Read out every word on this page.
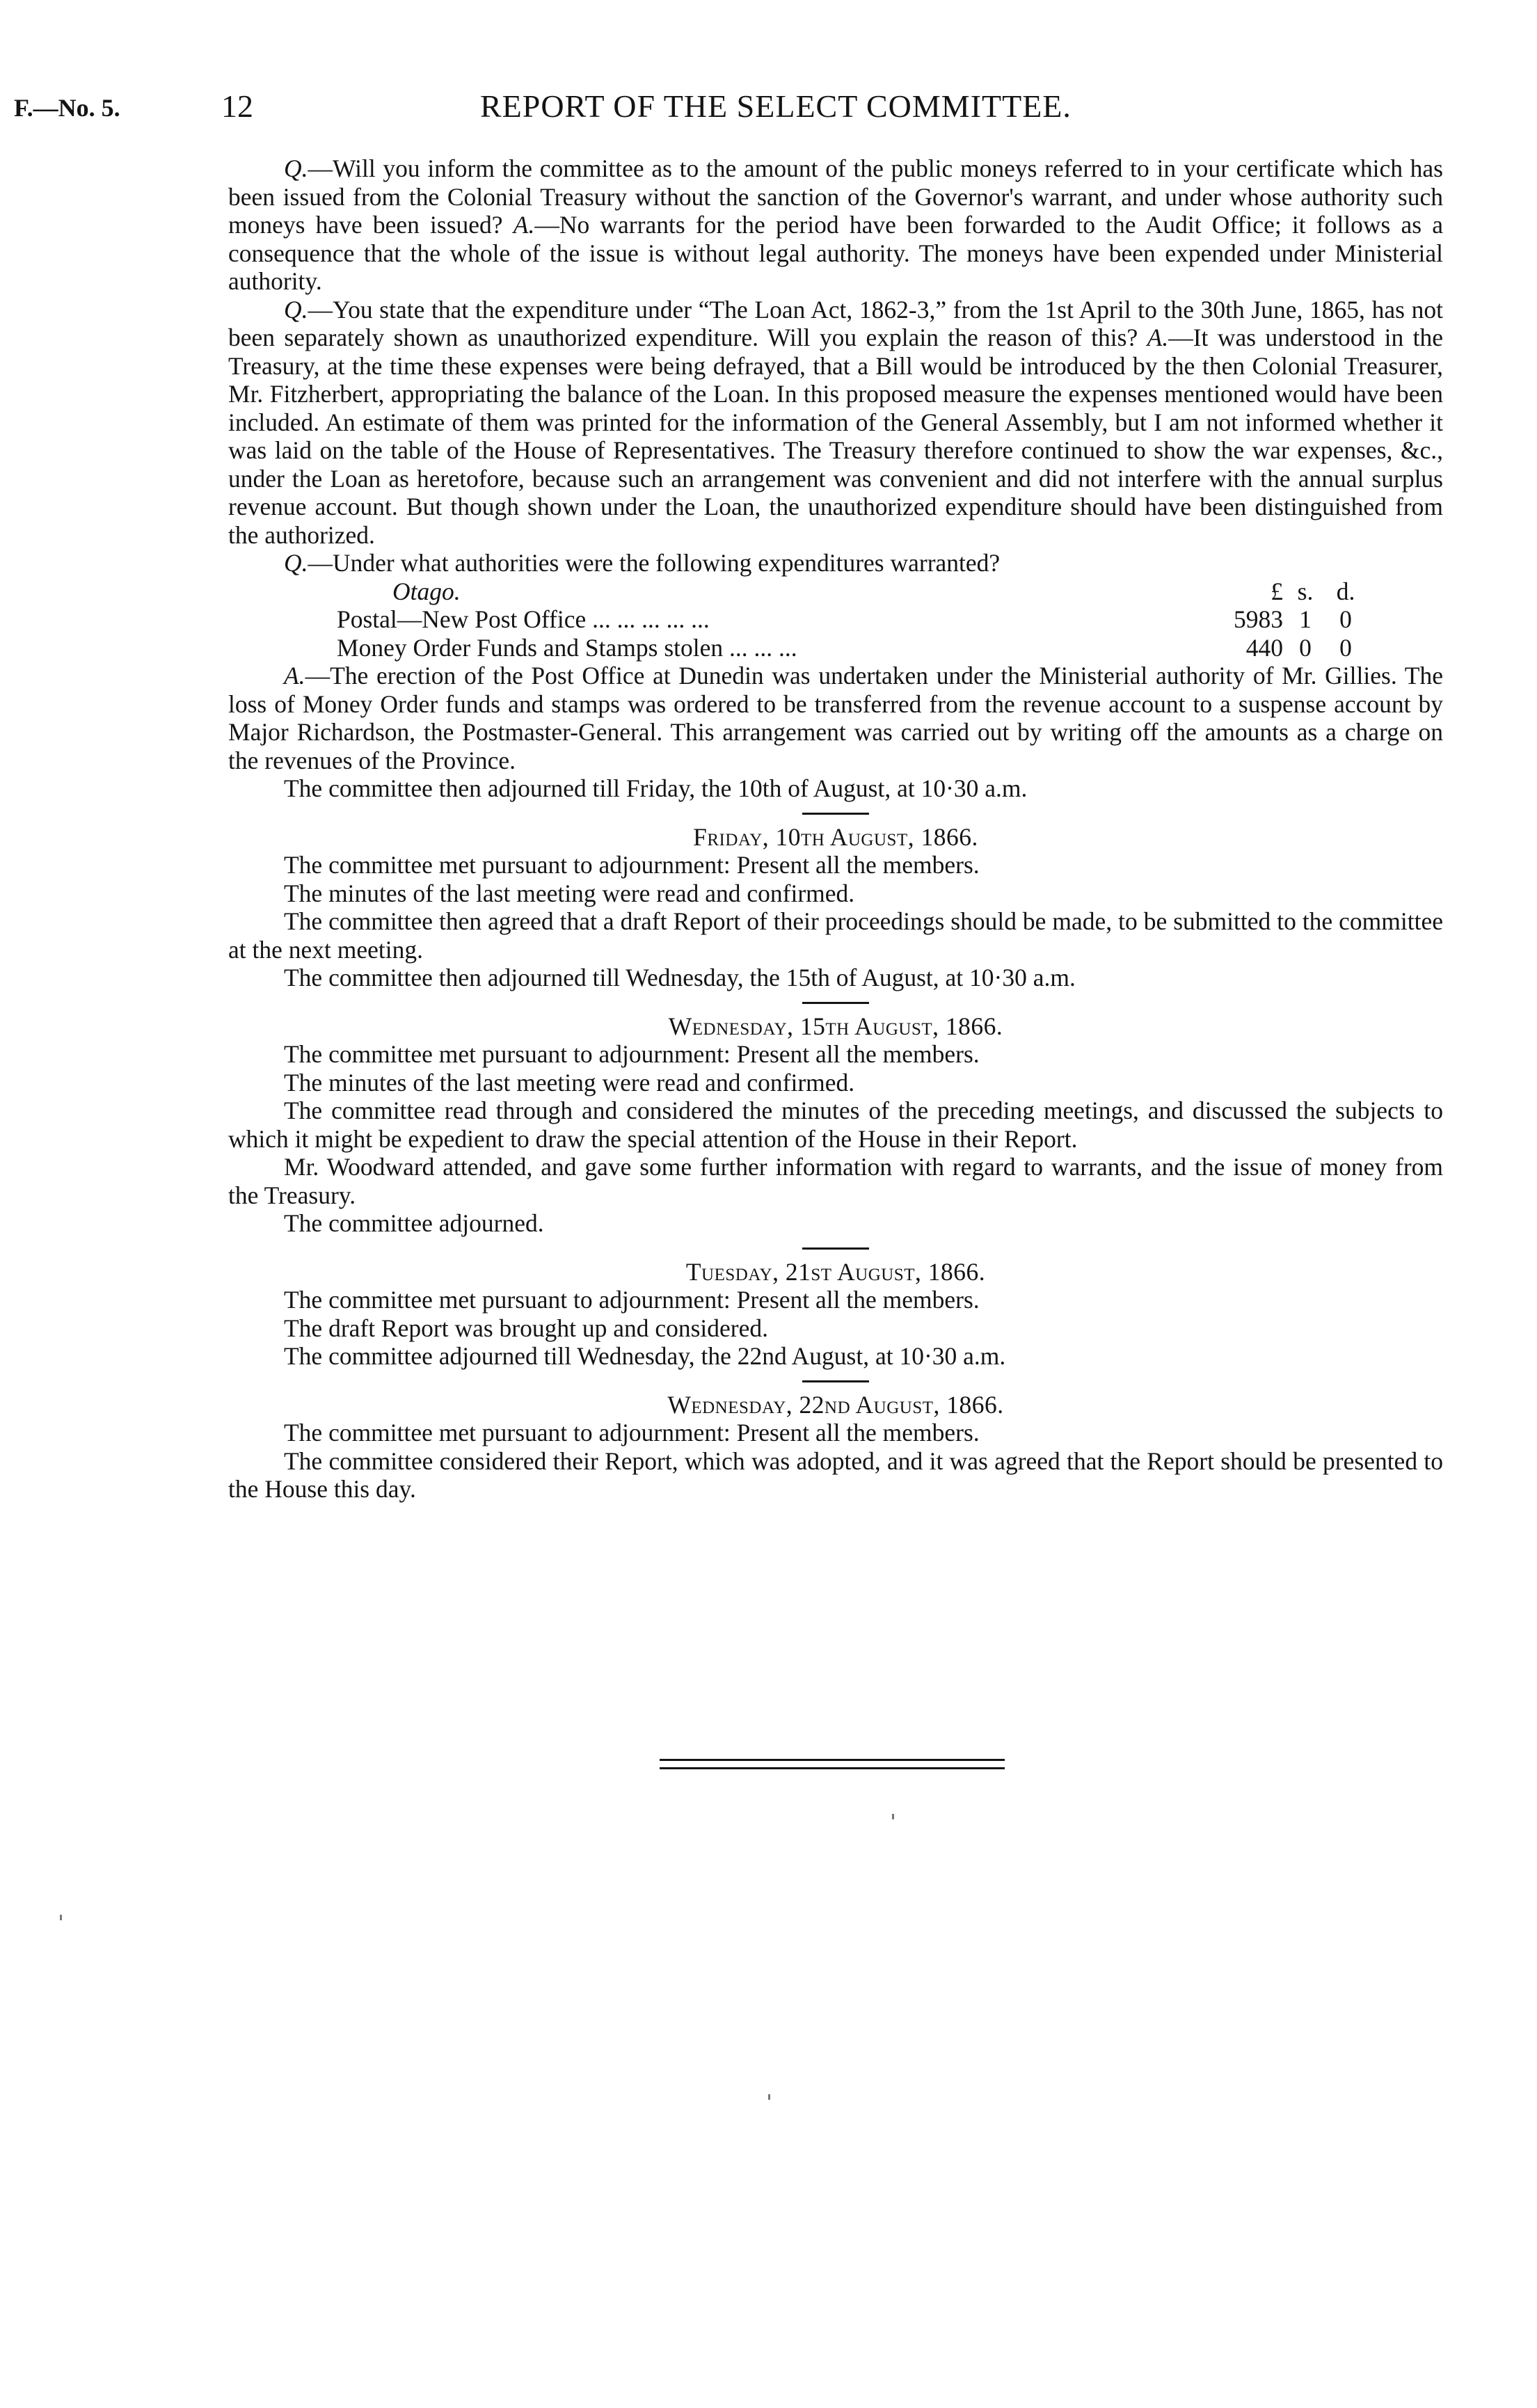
F.—No. 5.	12	REPORT OF THE SELECT COMMITTEE.

Q.—Will you inform the committee as to the amount of the public moneys referred to in your certificate which has been issued from the Colonial Treasury without the sanction of the Governor's warrant, and under whose authority such moneys have been issued? A.—No warrants for the period have been forwarded to the Audit Office; it follows as a consequence that the whole of the issue is without legal authority. The moneys have been expended under Ministerial authority.

Q.—You state that the expenditure under “The Loan Act, 1862-3,” from the 1st April to the 30th June, 1865, has not been separately shown as unauthorized expenditure. Will you explain the reason of this? A.—It was understood in the Treasury, at the time these expenses were being defrayed, that a Bill would be introduced by the then Colonial Treasurer, Mr. Fitzherbert, appropriating the balance of the Loan. In this proposed measure the expenses mentioned would have been included. An estimate of them was printed for the information of the General Assembly, but I am not informed whether it was laid on the table of the House of Representatives. The Treasury therefore continued to show the war expenses, &c., under the Loan as heretofore, because such an arrangement was convenient and did not interfere with the annual surplus revenue account. But though shown under the Loan, the unauthorized expenditure should have been distinguished from the authorized.

Q.—Under what authorities were the following expenditures warranted?

Otago.	£ s. d.
Postal—New Post Office ... ... ... ... ...	5983 1	0
Money Order Funds and Stamps stolen ... ... ...	440 0	0

A.—The erection of the Post Office at Dunedin was undertaken under the Ministerial authority of Mr. Gillies. The loss of Money Order funds and stamps was ordered to be transferred from the revenue account to a suspense account by Major Richardson, the Postmaster-General. This arrangement was carried out by writing off the amounts as a charge on the revenues of the Province.

The committee then adjourned till Friday, the 10th of August, at 10·30 a.m.

Friday, 10th August, 1866.

The committee met pursuant to adjournment: Present all the members.

The minutes of the last meeting were read and confirmed.

The committee then agreed that a draft Report of their proceedings should be made, to be submitted to the committee at the next meeting.

The committee then adjourned till Wednesday, the 15th of August, at 10·30 a.m.

Wednesday, 15th August, 1866.

The committee met pursuant to adjournment: Present all the members.

The minutes of the last meeting were read and confirmed.

The committee read through and considered the minutes of the preceding meetings, and discussed the subjects to which it might be expedient to draw the special attention of the House in their Report.

Mr. Woodward attended, and gave some further information with regard to warrants, and the issue of money from the Treasury.

The committee adjourned.

Tuesday, 21st August, 1866.

The committee met pursuant to adjournment: Present all the members.

The draft Report was brought up and considered.

The committee adjourned till Wednesday, the 22nd August, at 10·30 a.m.

Wednesday, 22nd August, 1866.

The committee met pursuant to adjournment: Present all the members.

The committee considered their Report, which was adopted, and it was agreed that the Report should be presented to the House this day.
